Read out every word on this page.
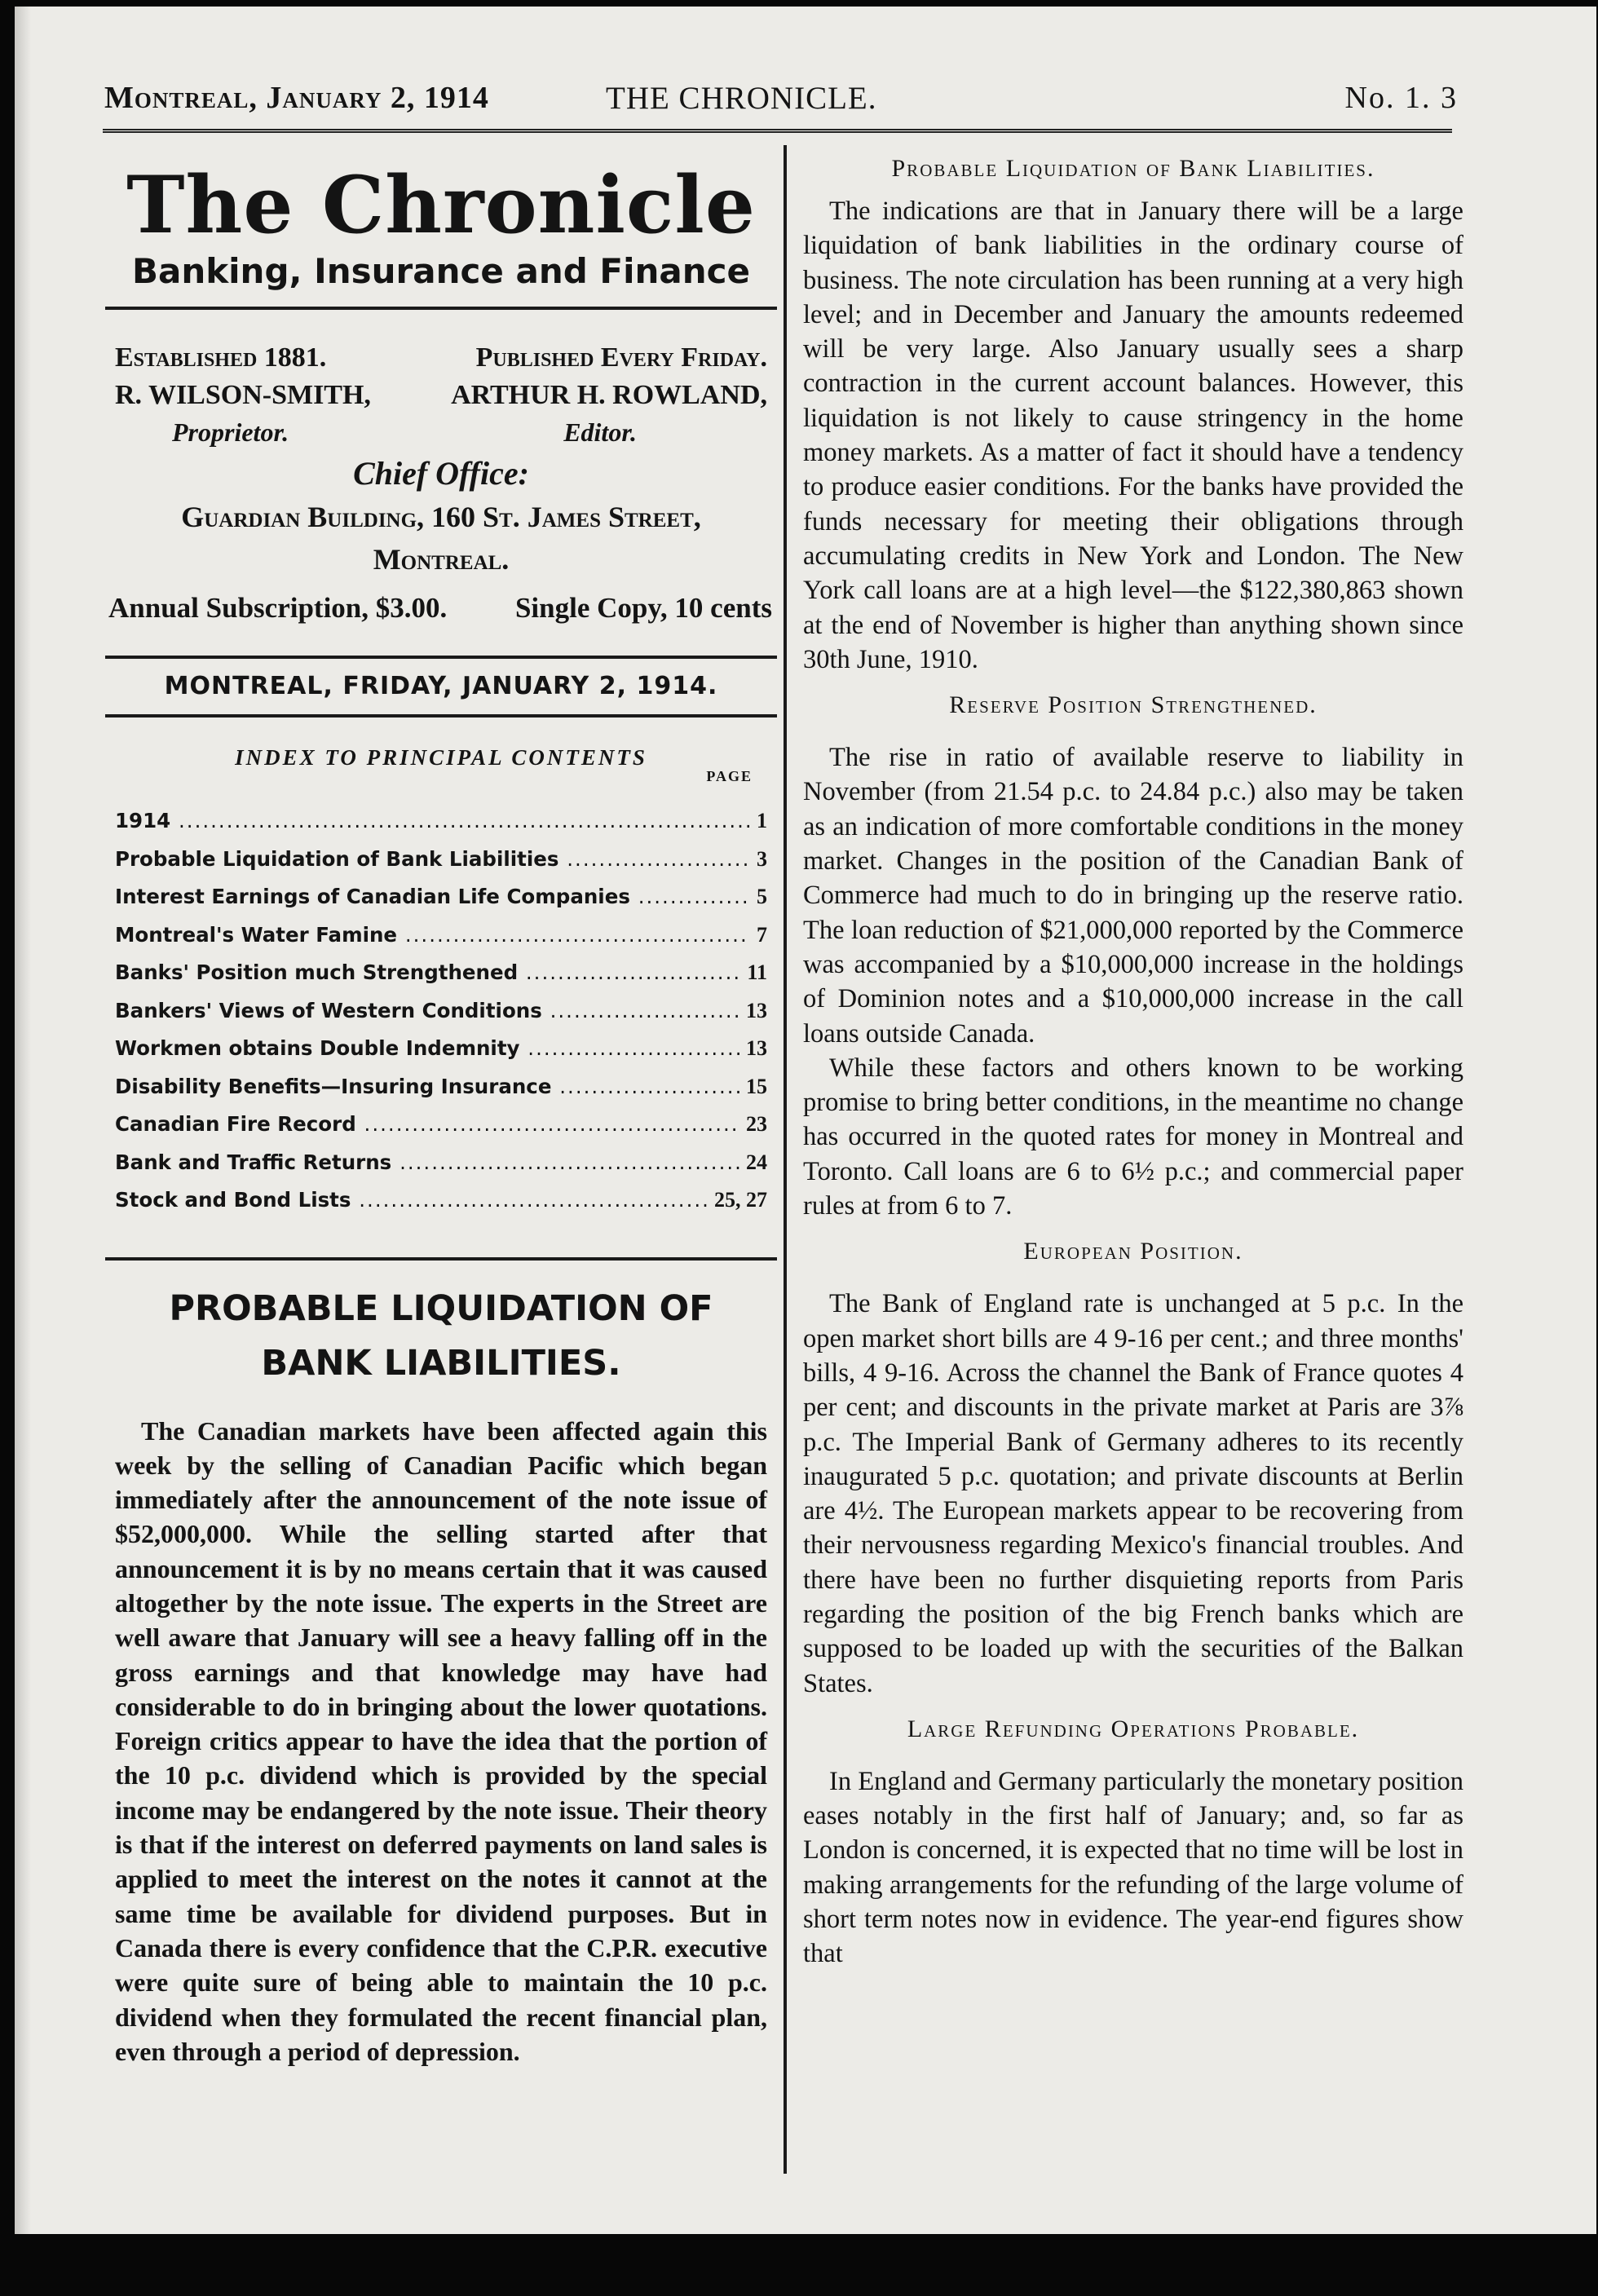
Montreal, January 2, 1914	THE CHRONICLE.	No. 1. 3
The Chronicle
Banking, Insurance and Finance
Established 1881.	Published Every Friday.
R. WILSON-SMITH,	ARTHUR H. ROWLAND,
Proprietor.	Editor.
Chief Office:
Guardian Building, 160 St. James Street,
Montreal.
Annual Subscription, $3.00. Single Copy, 10 cents
MONTREAL, FRIDAY, JANUARY 2, 1914.
INDEX TO PRINCIPAL CONTENTS
PAGE
1914 .....	1
Probable Liquidation of Bank Liabilities .....	3
Interest Earnings of Canadian Life Companies .....	5
Montreal's Water Famine .....	7
Banks' Position much Strengthened .....	11
Bankers' Views of Western Conditions .....	13
Workmen obtains Double Indemnity .....	13
Disability Benefits—Insuring Insurance .....	15
Canadian Fire Record .....	23
Bank and Traffic Returns .....	24
Stock and Bond Lists .....	25, 27
PROBABLE LIQUIDATION OF
BANK LIABILITIES.

The Canadian markets have been affected again this week by the selling of Canadian Pacific which began immediately after the announcement of the note issue of $52,000,000. While the selling started after that announcement it is by no means certain that it was caused altogether by the note issue. The experts in the Street are well aware that January will see a heavy falling off in the gross earnings and that knowledge may have had considerable to do in bringing about the lower quotations. Foreign critics appear to have the idea that the portion of the 10 p.c. dividend which is provided by the special income may be endangered by the note issue. Their theory is that if the interest on deferred payments on land sales is applied to meet the interest on the notes it cannot at the same time be available for dividend purposes. But in Canada there is every confidence that the C.P.R. executive were quite sure of being able to maintain the 10 p.c. dividend when they formulated the recent financial plan, even through a period of depression.

Probable Liquidation of Bank Liabilities.

The indications are that in January there will be a large liquidation of bank liabilities in the ordinary course of business. The note circulation has been running at a very high level; and in December and January the amounts redeemed will be very large. Also January usually sees a sharp contraction in the current account balances. However, this liquidation is not likely to cause stringency in the home money markets. As a matter of fact it should have a tendency to produce easier conditions. For the banks have provided the funds necessary for meeting their obligations through accumulating credits in New York and London. The New York call loans are at a high level—the $122,380,863 shown at the end of November is higher than anything shown since 30th June, 1910.

Reserve Position Strengthened.

The rise in ratio of available reserve to liability in November (from 21.54 p.c. to 24.84 p.c.) also may be taken as an indication of more comfortable conditions in the money market. Changes in the position of the Canadian Bank of Commerce had much to do in bringing up the reserve ratio. The loan reduction of $21,000,000 reported by the Commerce was accompanied by a $10,000,000 increase in the holdings of Dominion notes and a $10,000,000 increase in the call loans outside Canada.

While these factors and others known to be working promise to bring better conditions, in the meantime no change has occurred in the quoted rates for money in Montreal and Toronto. Call loans are 6 to 6½ p.c.; and commercial paper rules at from 6 to 7.

European Position.

The Bank of England rate is unchanged at 5 p.c. In the open market short bills are 4 9-16 per cent.; and three months' bills, 4 9-16. Across the channel the Bank of France quotes 4 per cent; and discounts in the private market at Paris are 3⅞ p.c. The Imperial Bank of Germany adheres to its recently inaugurated 5 p.c. quotation; and private discounts at Berlin are 4½. The European markets appear to be recovering from their nervousness regarding Mexico's financial troubles. And there have been no further disquieting reports from Paris regarding the position of the big French banks which are supposed to be loaded up with the securities of the Balkan States.

Large Refunding Operations Probable.

In England and Germany particularly the monetary position eases notably in the first half of January; and, so far as London is concerned, it is expected that no time will be lost in making arrangements for the refunding of the large volume of short term notes now in evidence. The year-end figures show that
